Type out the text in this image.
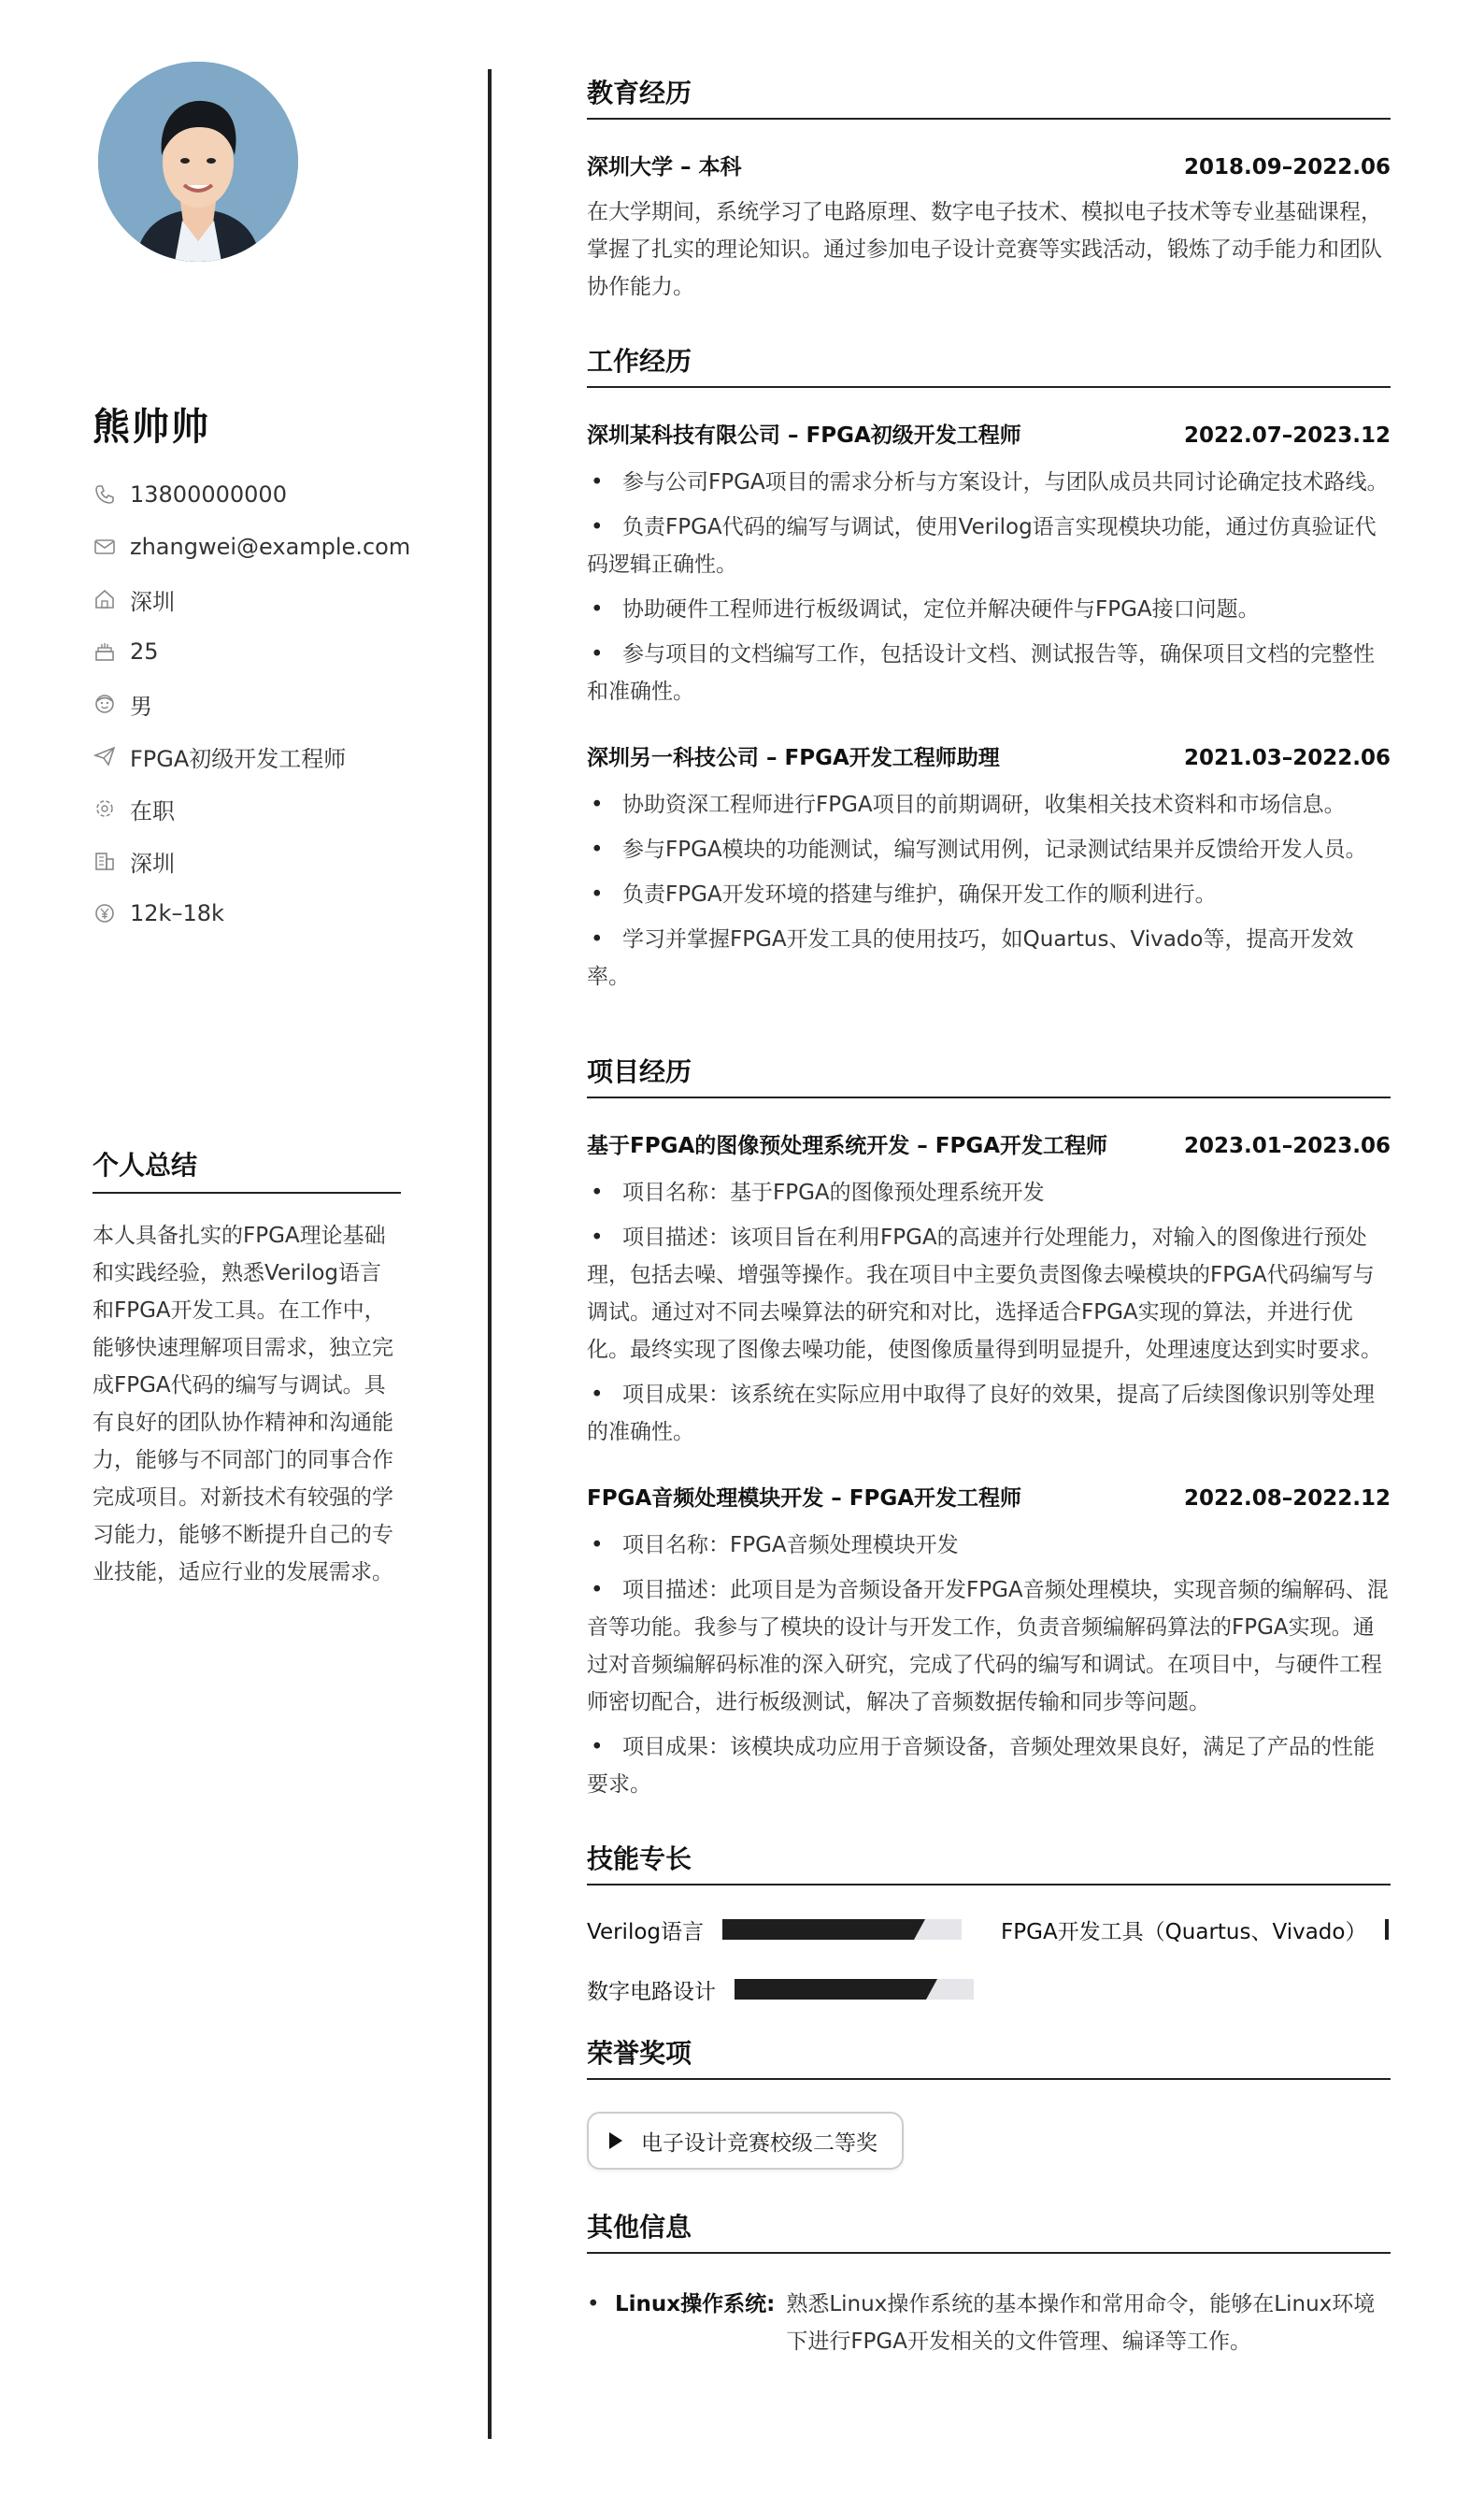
熊帅帅
13800000000
zhangwei@example.com
深圳
25
男
FPGA初级开发工程师
在职
深圳
12k–18k
个人总结

本人具备扎实的FPGA理论基础和实践经验，熟悉Verilog语言和FPGA开发工具。在工作中，能够快速理解项目需求，独立完成FPGA代码的编写与调试。具有良好的团队协作精神和沟通能力，能够与不同部门的同事合作完成项目。对新技术有较强的学习能力，能够不断提升自己的专业技能，适应行业的发展需求。

教育经历
深圳大学 – 本科	2018.09–2022.06

在大学期间，系统学习了电路原理、数字电子技术、模拟电子技术等专业基础课程，掌握了扎实的理论知识。通过参加电子设计竞赛等实践活动，锻炼了动手能力和团队协作能力。

工作经历
深圳某科技有限公司 – FPGA初级开发工程师	2022.07–2023.12
• 参与公司FPGA项目的需求分析与方案设计，与团队成员共同讨论确定技术路线。
• 负责FPGA代码的编写与调试，使用Verilog语言实现模块功能，通过仿真验证代码逻辑正确性。
• 协助硬件工程师进行板级调试，定位并解决硬件与FPGA接口问题。
• 参与项目的文档编写工作，包括设计文档、测试报告等，确保项目文档的完整性和准确性。
深圳另一科技公司 – FPGA开发工程师助理	2021.03–2022.06
• 协助资深工程师进行FPGA项目的前期调研，收集相关技术资料和市场信息。
• 参与FPGA模块的功能测试，编写测试用例，记录测试结果并反馈给开发人员。
• 负责FPGA开发环境的搭建与维护，确保开发工作的顺利进行。
• 学习并掌握FPGA开发工具的使用技巧，如Quartus、Vivado等，提高开发效率。
项目经历
基于FPGA的图像预处理系统开发 – FPGA开发工程师	2023.01–2023.06
• 项目名称：基于FPGA的图像预处理系统开发
• 项目描述：该项目旨在利用FPGA的高速并行处理能力，对输入的图像进行预处理，包括去噪、增强等操作。我在项目中主要负责图像去噪模块的FPGA代码编写与调试。通过对不同去噪算法的研究和对比，选择适合FPGA实现的算法，并进行优化。最终实现了图像去噪功能，使图像质量得到明显提升，处理速度达到实时要求。
• 项目成果：该系统在实际应用中取得了良好的效果，提高了后续图像识别等处理的准确性。
FPGA音频处理模块开发 – FPGA开发工程师	2022.08–2022.12
• 项目名称：FPGA音频处理模块开发
• 项目描述：此项目是为音频设备开发FPGA音频处理模块，实现音频的编解码、混音等功能。我参与了模块的设计与开发工作，负责音频编解码算法的FPGA实现。通过对音频编解码标准的深入研究，完成了代码的编写和调试。在项目中，与硬件工程师密切配合，进行板级测试，解决了音频数据传输和同步等问题。
• 项目成果：该模块成功应用于音频设备，音频处理效果良好，满足了产品的性能要求。
技能专长
Verilog语言	FPGA开发工具（Quartus、Vivado）
数字电路设计
荣誉奖项
电子设计竞赛校级二等奖
其他信息
• Linux操作系统: 熟悉Linux操作系统的基本操作和常用命令，能够在Linux环境下进行FPGA开发相关的文件管理、编译等工作。
